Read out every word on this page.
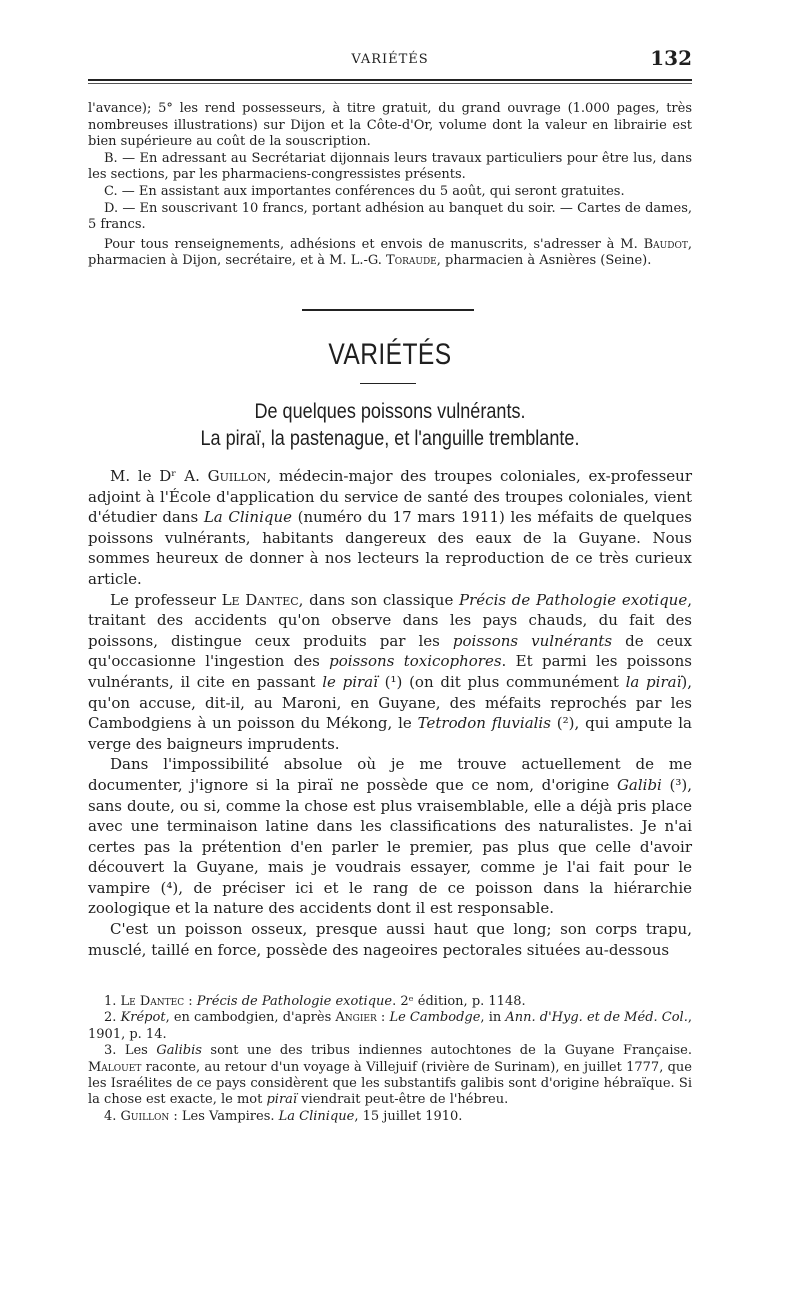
VARIÉTÉS	132

l'avance); 5° les rend possesseurs, à titre gratuit, du grand ouvrage (1.000 pages, très nombreuses illustrations) sur Dijon et la Côte-d'Or, volume dont la valeur en librairie est bien supérieure au coût de la souscription.

B. — En adressant au Secrétariat dijonnais leurs travaux particuliers pour être lus, dans les sections, par les pharmaciens-congressistes présents.

C. — En assistant aux importantes conférences du 5 août, qui seront gratuites.

D. — En souscrivant 10 francs, portant adhésion au banquet du soir. — Cartes de dames, 5 francs.

Pour tous renseignements, adhésions et envois de manuscrits, s'adresser à M. Baudot, pharmacien à Dijon, secrétaire, et à M. L.-G. Toraude, pharmacien à Asnières (Seine).

VARIÉTÉS
De quelques poissons vulnérants.
La piraï, la pastenague, et l'anguille tremblante.

M. le Dʳ A. Guillon, médecin-major des troupes coloniales, ex-professeur adjoint à l'École d'application du service de santé des troupes coloniales, vient d'étudier dans La Clinique (numéro du 17 mars 1911) les méfaits de quelques poissons vulnérants, habitants dangereux des eaux de la Guyane. Nous sommes heureux de donner à nos lecteurs la reproduction de ce très curieux article.

Le professeur Le Dantec, dans son classique Précis de Pathologie exotique, traitant des accidents qu'on observe dans les pays chauds, du fait des poissons, distingue ceux produits par les poissons vulnérants de ceux qu'occasionne l'ingestion des poissons toxicophores. Et parmi les poissons vulnérants, il cite en passant le piraï (¹) (on dit plus communément la piraï), qu'on accuse, dit-il, au Maroni, en Guyane, des méfaits reprochés par les Cambodgiens à un poisson du Mékong, le Tetrodon fluvialis (²), qui ampute la verge des baigneurs imprudents.

Dans l'impossibilité absolue où je me trouve actuellement de me documenter, j'ignore si la piraï ne possède que ce nom, d'origine Galibi (³), sans doute, ou si, comme la chose est plus vraisemblable, elle a déjà pris place avec une terminaison latine dans les classifications des naturalistes. Je n'ai certes pas la prétention d'en parler le premier, pas plus que celle d'avoir découvert la Guyane, mais je voudrais essayer, comme je l'ai fait pour le vampire (⁴), de préciser ici et le rang de ce poisson dans la hiérarchie zoologique et la nature des accidents dont il est responsable.

C'est un poisson osseux, presque aussi haut que long; son corps trapu, musclé, taillé en force, possède des nageoires pectorales situées au-dessous

1. Le Dantec : Précis de Pathologie exotique. 2ᵉ édition, p. 1148.

2. Krépot, en cambodgien, d'après Angier : Le Cambodge, in Ann. d'Hyg. et de Méd. Col., 1901, p. 14.

3. Les Galibis sont une des tribus indiennes autochtones de la Guyane Française. Malouet raconte, au retour d'un voyage à Villejuif (rivière de Surinam), en juillet 1777, que les Israélites de ce pays considèrent que les substantifs galibis sont d'origine hébraïque. Si la chose est exacte, le mot piraï viendrait peut-être de l'hébreu.

4. Guillon : Les Vampires. La Clinique, 15 juillet 1910.
